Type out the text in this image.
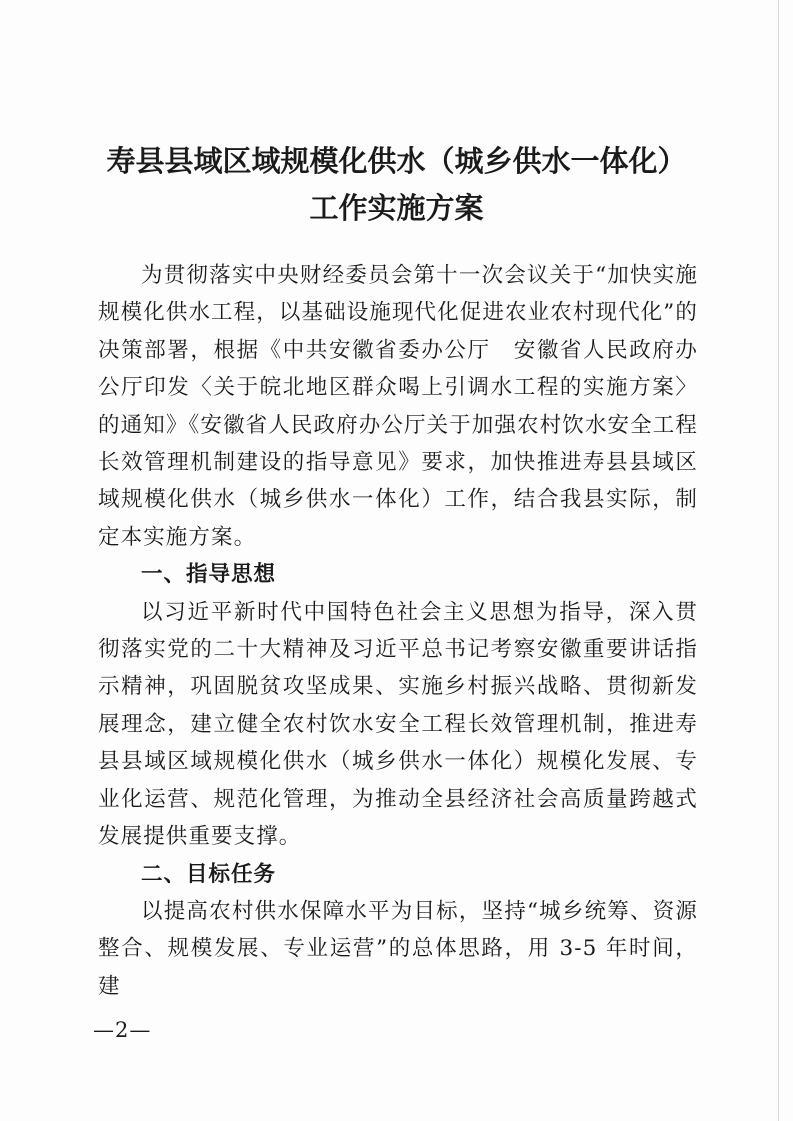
寿县县域区域规模化供水（城乡供水一体化）
工作实施方案

为贯彻落实中央财经委员会第十一次会议关于“加快实施规模化供水工程，以基础设施现代化促进农业农村现代化”的决策部署，根据《中共安徽省委办公厅　安徽省人民政府办公厅印发〈关于皖北地区群众喝上引调水工程的实施方案〉的通知》《安徽省人民政府办公厅关于加强农村饮水安全工程长效管理机制建设的指导意见》要求，加快推进寿县县域区域规模化供水（城乡供水一体化）工作，结合我县实际，制定本实施方案。

一、指导思想

以习近平新时代中国特色社会主义思想为指导，深入贯彻落实党的二十大精神及习近平总书记考察安徽重要讲话指示精神，巩固脱贫攻坚成果、实施乡村振兴战略、贯彻新发展理念，建立健全农村饮水安全工程长效管理机制，推进寿县县域区域规模化供水（城乡供水一体化）规模化发展、专业化运营、规范化管理，为推动全县经济社会高质量跨越式发展提供重要支撑。

二、目标任务

以提高农村供水保障水平为目标，坚持“城乡统筹、资源整合、规模发展、专业运营”的总体思路，用 3-5 年时间，建

—2—
